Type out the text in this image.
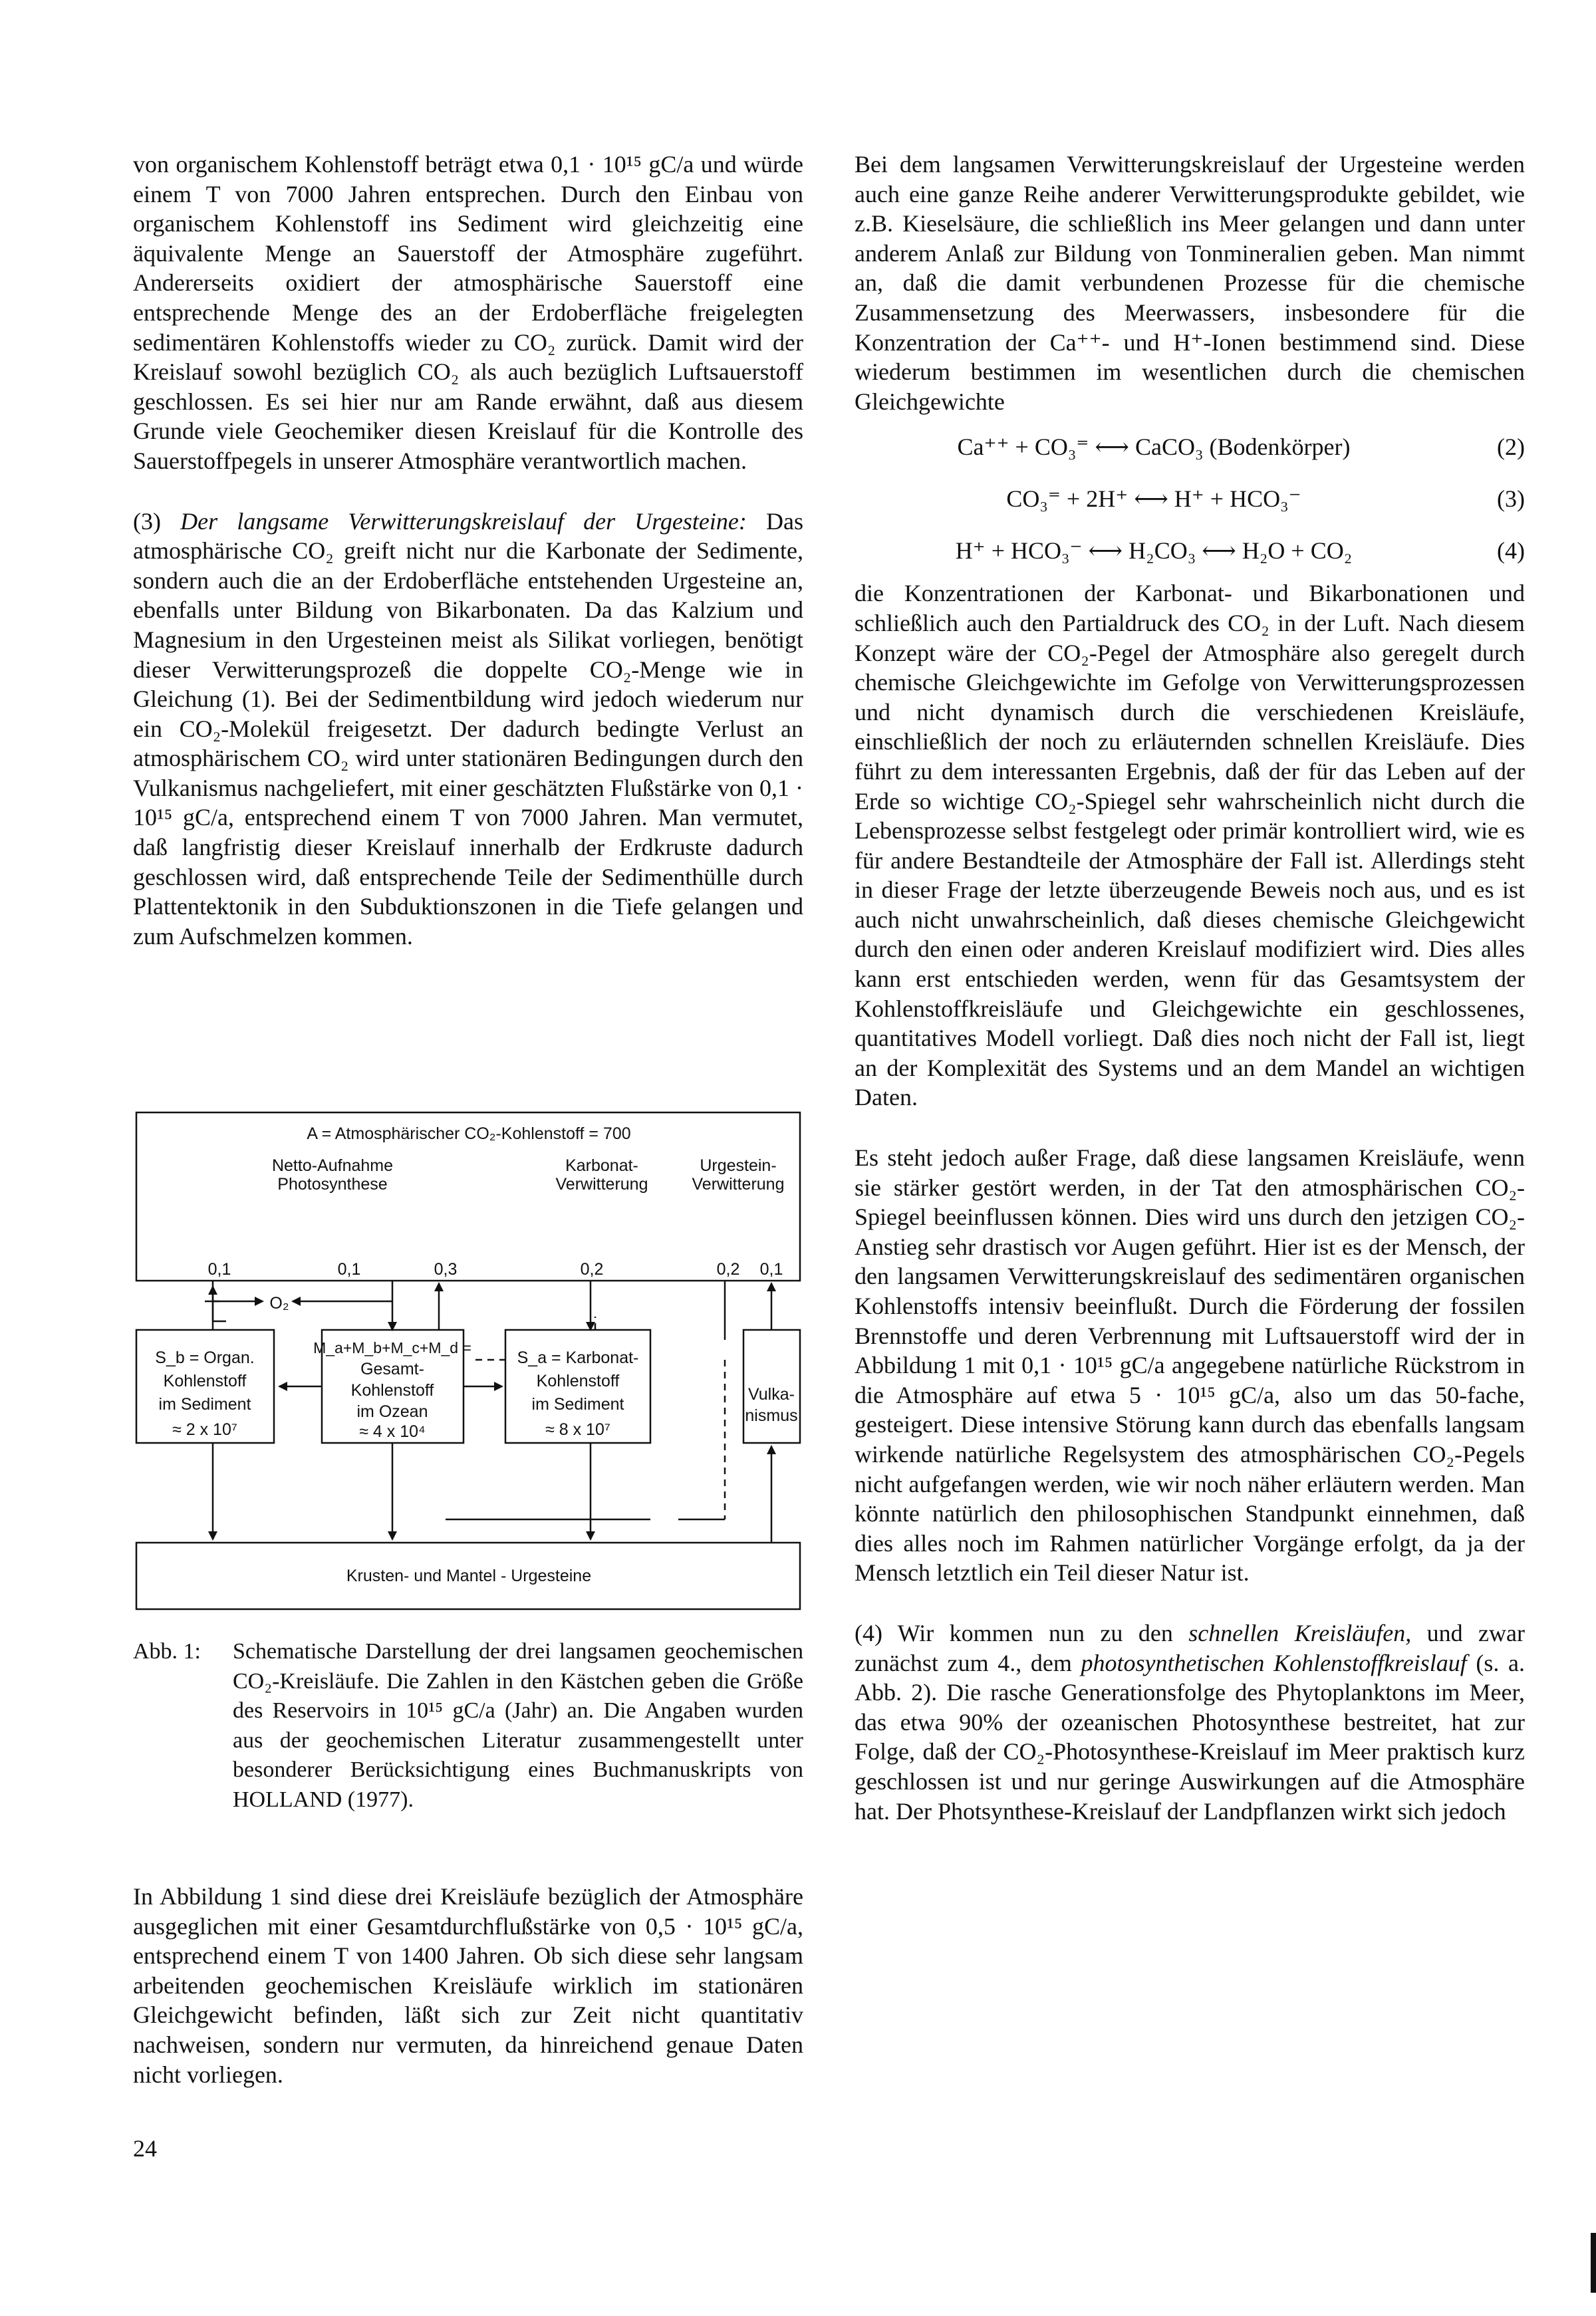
von organischem Kohlenstoff beträgt etwa 0,1 · 10¹⁵ gC/a und würde einem T von 7000 Jahren entsprechen. Durch den Einbau von organischem Kohlenstoff ins Sediment wird gleichzeitig eine äquivalente Menge an Sauerstoff der Atmosphäre zugeführt. Andererseits oxidiert der atmosphärische Sauerstoff eine entsprechende Menge des an der Erdoberfläche freigelegten sedimentären Kohlenstoffs wieder zu CO₂ zurück. Damit wird der Kreislauf sowohl bezüglich CO₂ als auch bezüglich Luftsauerstoff geschlossen. Es sei hier nur am Rande erwähnt, daß aus diesem Grunde viele Geochemiker diesen Kreislauf für die Kontrolle des Sauerstoffpegels in unserer Atmosphäre verantwortlich machen.

(3) Der langsame Verwitterungskreislauf der Urgesteine: Das atmosphärische CO₂ greift nicht nur die Karbonate der Sedimente, sondern auch die an der Erdoberfläche entstehenden Urgesteine an, ebenfalls unter Bildung von Bikarbonaten. Da das Kalzium und Magnesium in den Urgesteinen meist als Silikat vorliegen, benötigt dieser Verwitterungsprozeß die doppelte CO₂-Menge wie in Gleichung (1). Bei der Sedimentbildung wird jedoch wiederum nur ein CO₂-Molekül freigesetzt. Der dadurch bedingte Verlust an atmosphärischem CO₂ wird unter stationären Bedingungen durch den Vulkanismus nachgeliefert, mit einer geschätzten Flußstärke von 0,1 · 10¹⁵ gC/a, entsprechend einem T von 7000 Jahren. Man vermutet, daß langfristig dieser Kreislauf innerhalb der Erdkruste dadurch geschlossen wird, daß entsprechende Teile der Sedimenthülle durch Plattentektonik in den Subduktionszonen in die Tiefe gelangen und zum Aufschmelzen kommen.

A = Atmosphärischer CO₂-Kohlenstoff = 700
Netto-Aufnahme
Photosynthese
Karbonat-
Verwitterung
Urgestein-
Verwitterung
0,1	0,1	0,3	0,2	0,2 0,1
O₂
S_b = Organ.
Kohlenstoff
im Sediment
≈ 2 x 10⁷
M_a+M_b+M_c+M_d =
Gesamt-
Kohlenstoff
im Ozean
≈ 4 x 10⁴
S_a = Karbonat-
Kohlenstoff
im Sediment
≈ 8 x 10⁷
Vulka-
nismus
Krusten- und Mantel - Urgesteine
Abb. 1: Schematische Darstellung der drei langsamen geochemischen CO₂-Kreisläufe. Die Zahlen in den Kästchen geben die Größe des Reservoirs in 10¹⁵ gC/a (Jahr) an. Die Angaben wurden aus der geochemischen Literatur zusammengestellt unter besonderer Berücksichtigung eines Buchmanuskripts von HOLLAND (1977).
In Abbildung 1 sind diese drei Kreisläufe bezüglich der Atmosphäre ausgeglichen mit einer Gesamtdurchflußstärke von 0,5 · 10¹⁵ gC/a, entsprechend einem T von 1400 Jahren. Ob sich diese sehr langsam arbeitenden geochemischen Kreisläufe wirklich im stationären Gleichgewicht befinden, läßt sich zur Zeit nicht quantitativ nachweisen, sondern nur vermuten, da hinreichend genaue Daten nicht vorliegen.
24

Bei dem langsamen Verwitterungskreislauf der Urgesteine werden auch eine ganze Reihe anderer Verwitterungsprodukte gebildet, wie z.B. Kieselsäure, die schließlich ins Meer gelangen und dann unter anderem Anlaß zur Bildung von Tonmineralien geben. Man nimmt an, daß die damit verbundenen Prozesse für die chemische Zusammensetzung des Meerwassers, insbesondere für die Konzentration der Ca⁺⁺- und H⁺-Ionen bestimmend sind. Diese wiederum bestimmen im wesentlichen durch die chemischen Gleichgewichte

Ca⁺⁺ + CO₃⁼ ⟷ CaCO₃ (Bodenkörper)	(2)
CO₃⁼ + 2H⁺ ⟷ H⁺ + HCO₃⁻	(3)
H⁺ + HCO₃⁻ ⟷ H₂CO₃ ⟷ H₂O + CO₂	(4)

die Konzentrationen der Karbonat- und Bikarbonationen und schließlich auch den Partialdruck des CO₂ in der Luft. Nach diesem Konzept wäre der CO₂-Pegel der Atmosphäre also geregelt durch chemische Gleichgewichte im Gefolge von Verwitterungsprozessen und nicht dynamisch durch die verschiedenen Kreisläufe, einschließlich der noch zu erläuternden schnellen Kreisläufe. Dies führt zu dem interessanten Ergebnis, daß der für das Leben auf der Erde so wichtige CO₂-Spiegel sehr wahrscheinlich nicht durch die Lebensprozesse selbst festgelegt oder primär kontrolliert wird, wie es für andere Bestandteile der Atmosphäre der Fall ist. Allerdings steht in dieser Frage der letzte überzeugende Beweis noch aus, und es ist auch nicht unwahrscheinlich, daß dieses chemische Gleichgewicht durch den einen oder anderen Kreislauf modifiziert wird. Dies alles kann erst entschieden werden, wenn für das Gesamtsystem der Kohlenstoffkreisläufe und Gleichgewichte ein geschlossenes, quantitatives Modell vorliegt. Daß dies noch nicht der Fall ist, liegt an der Komplexität des Systems und an dem Mandel an wichtigen Daten.

Es steht jedoch außer Frage, daß diese langsamen Kreisläufe, wenn sie stärker gestört werden, in der Tat den atmosphärischen CO₂-Spiegel beeinflussen können. Dies wird uns durch den jetzigen CO₂-Anstieg sehr drastisch vor Augen geführt. Hier ist es der Mensch, der den langsamen Verwitterungskreislauf des sedimentären organischen Kohlenstoffs intensiv beeinflußt. Durch die Förderung der fossilen Brennstoffe und deren Verbrennung mit Luftsauerstoff wird der in Abbildung 1 mit 0,1 · 10¹⁵ gC/a angegebene natürliche Rückstrom in die Atmosphäre auf etwa 5 · 10¹⁵ gC/a, also um das 50-fache, gesteigert. Diese intensive Störung kann durch das ebenfalls langsam wirkende natürliche Regelsystem des atmosphärischen CO₂-Pegels nicht aufgefangen werden, wie wir noch näher erläutern werden. Man könnte natürlich den philosophischen Standpunkt einnehmen, daß dies alles noch im Rahmen natürlicher Vorgänge erfolgt, da ja der Mensch letztlich ein Teil dieser Natur ist.

(4) Wir kommen nun zu den schnellen Kreisläufen, und zwar zunächst zum 4., dem photosynthetischen Kohlenstoffkreislauf (s. a. Abb. 2). Die rasche Generationsfolge des Phytoplanktons im Meer, das etwa 90% der ozeanischen Photosynthese bestreitet, hat zur Folge, daß der CO₂-Photosynthese-Kreislauf im Meer praktisch kurz geschlossen ist und nur geringe Auswirkungen auf die Atmosphäre hat. Der Photsynthese-Kreislauf der Landpflanzen wirkt sich jedoch
